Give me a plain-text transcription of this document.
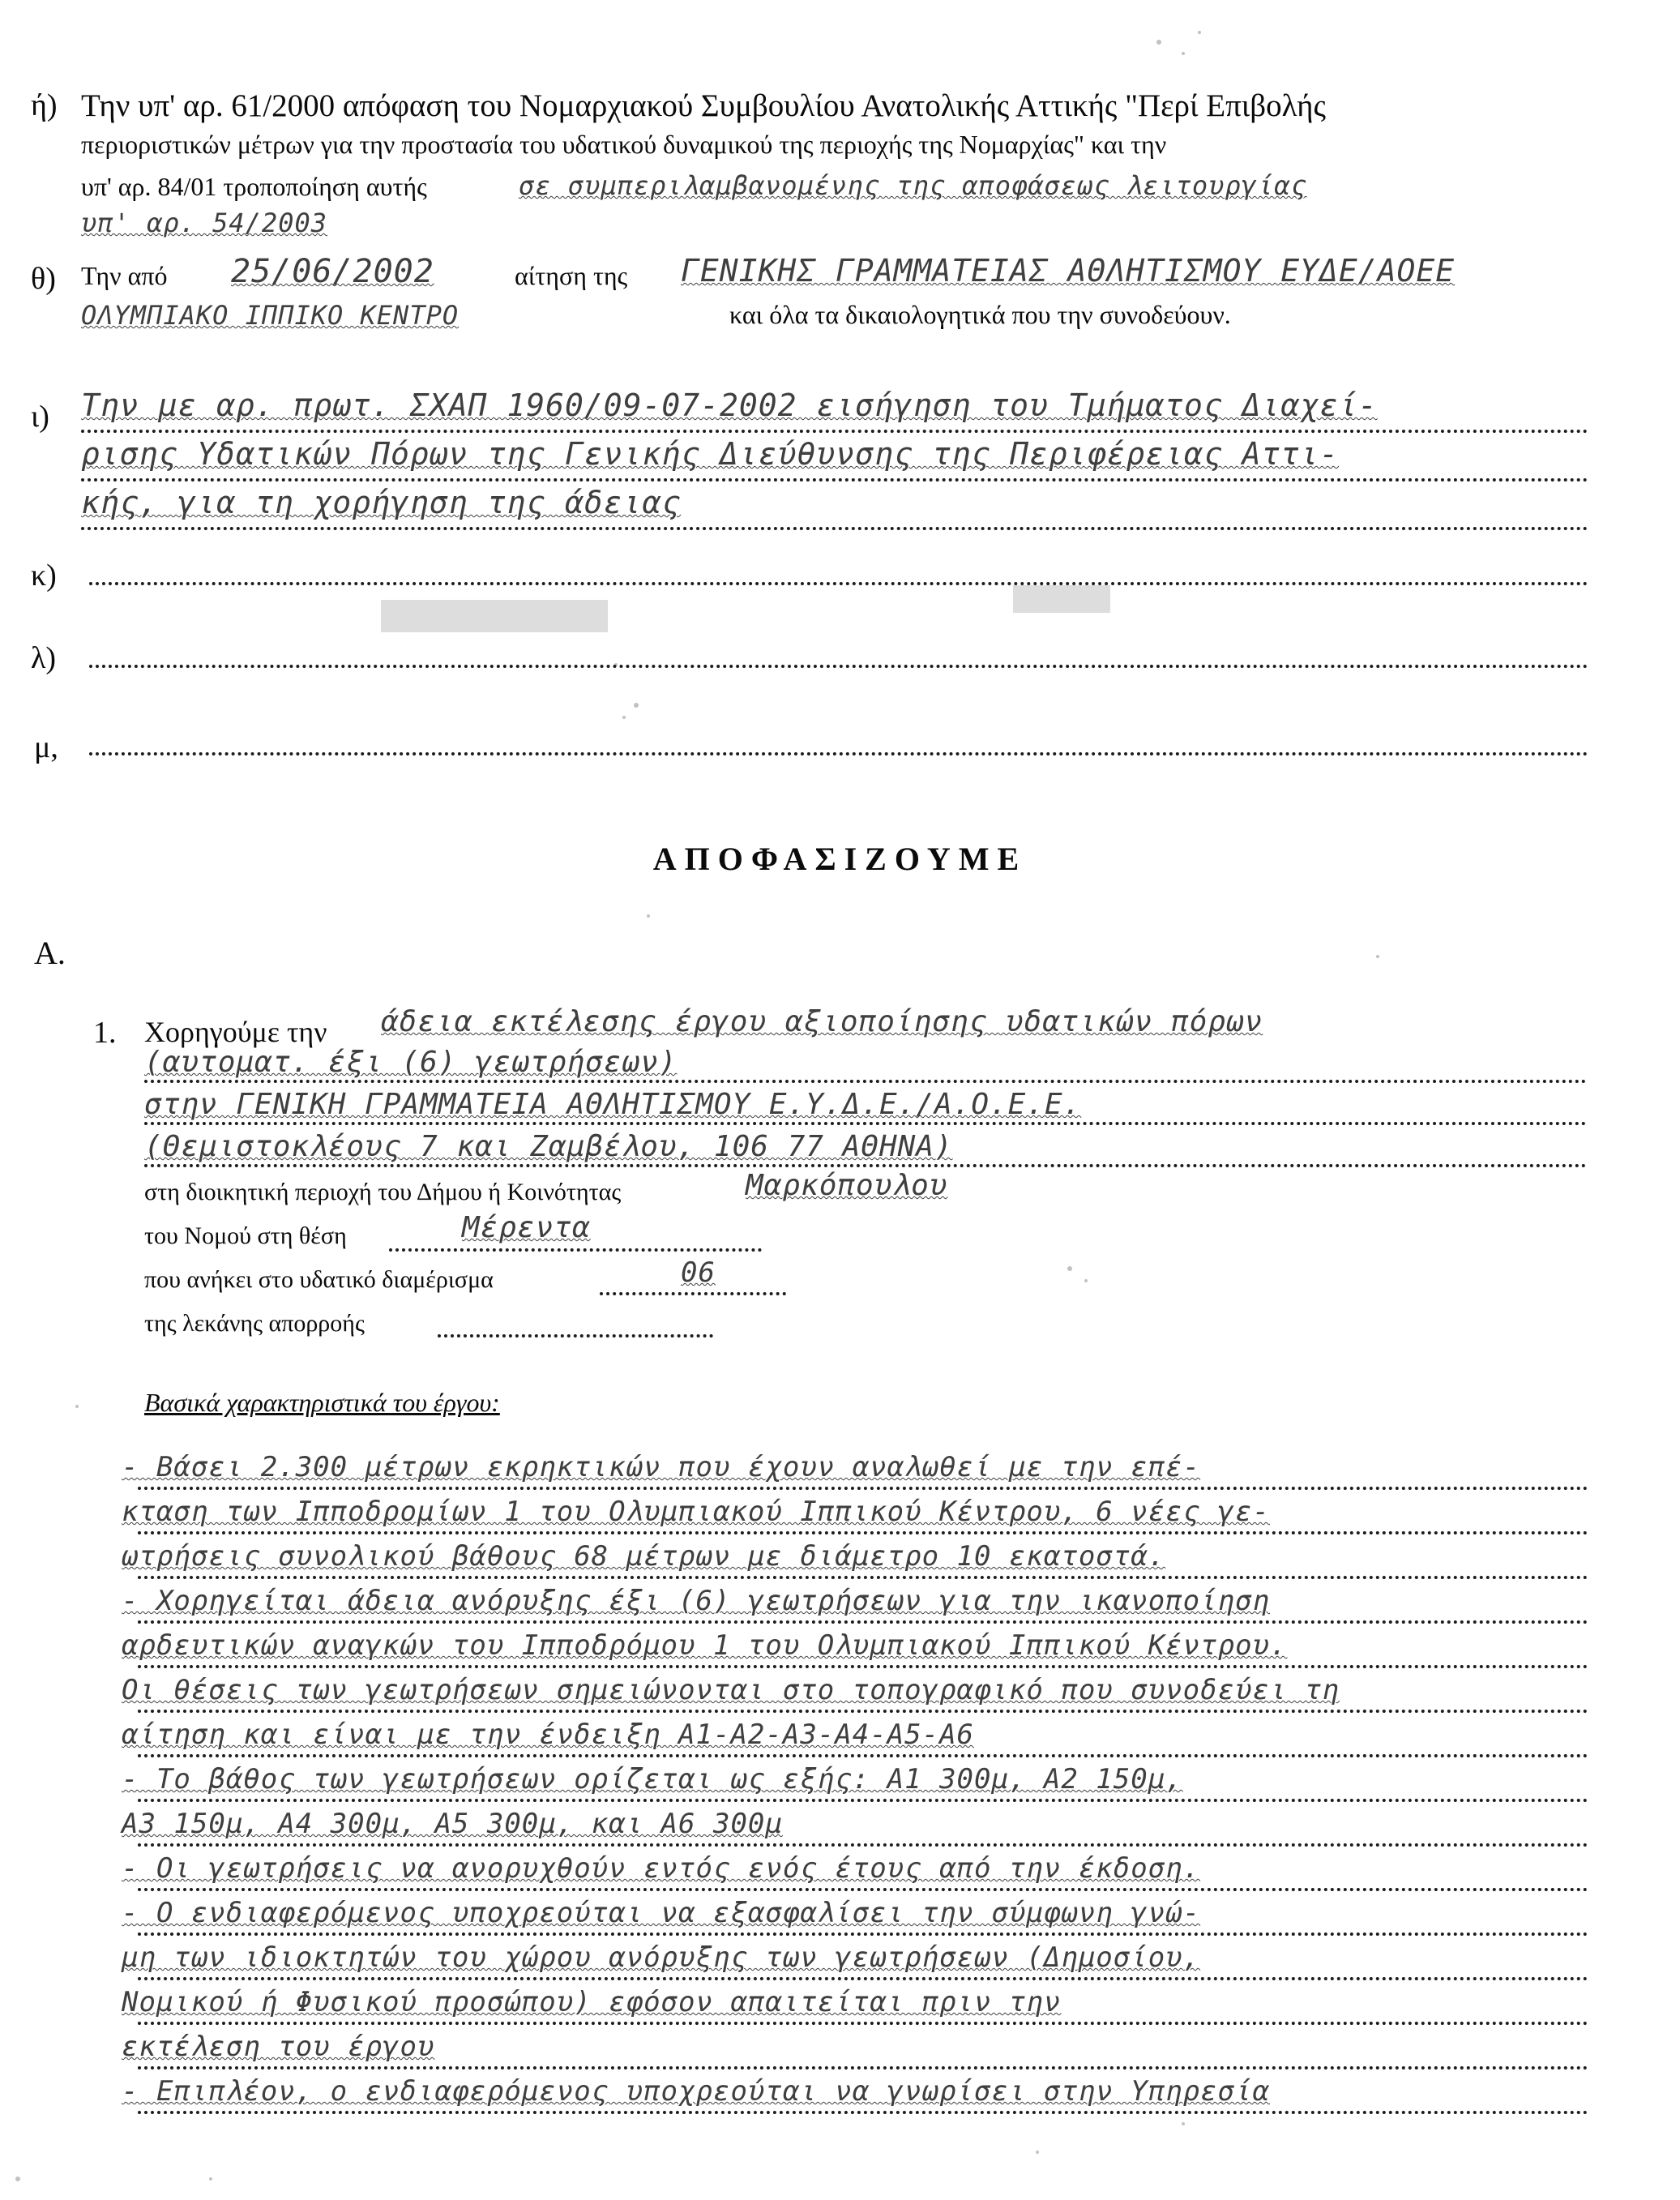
ή) Την υπ' αρ. 61/2000 απόφαση του Νομαρχιακού Συμβουλίου Ανατολικής Αττικής "Περί Επιβολής
περιοριστικών μέτρων για την προστασία του υδατικού δυναμικού της περιοχής της Νομαρχίας" και την
υπ' αρ. 84/01 τροποποίηση αυτής	σε συμπεριλαμβανομένης της αποφάσεως λειτουργίας
υπ' αρ. 54/2003
θ) Την από 25/06/2002	αίτηση της ΓΕΝΙΚΗΣ ΓΡΑΜΜΑΤΕΙΑΣ ΑΘΛΗΤΙΣΜΟΥ ΕΥΔΕ/ΑΟΕΕ
ΟΛΥΜΠΙΑΚΟ ΙΠΠΙΚΟ ΚΕΝΤΡΟ	και όλα τα δικαιολογητικά που την συνοδεύουν.
ι) Την με αρ. πρωτ. ΣΧΑΠ 1960/09-07-2002 εισήγηση του Τμήματος Διαχεί-
ρισης Υδατικών Πόρων της Γενικής Διεύθυνσης της Περιφέρειας Αττι-
κής, για τη χορήγηση της άδειας
κ)
λ)
μ,
ΑΠΟΦΑΣΙΖΟΥΜΕ
Α.
1. Χορηγούμε την άδεια εκτέλεσης έργου αξιοποίησης υδατικών πόρων
(αυτοματ. έξι (6) γεωτρήσεων)
στην ΓΕΝΙΚΗ ΓΡΑΜΜΑΤΕΙΑ ΑΘΛΗΤΙΣΜΟΥ Ε.Υ.Δ.Ε./Α.Ο.Ε.Ε.
(Θεμιστοκλέους 7 και Ζαμβέλου, 106 77 ΑΘΗΝΑ)
στη διοικητική περιοχή του Δήμου ή Κοινότητας	Μαρκόπουλου
του Νομού στη θέση	Μέρεντα
που ανήκει στο υδατικό διαμέρισμα	06
της λεκάνης απορροής
Βασικά χαρακτηριστικά του έργου:
- Βάσει 2.300 μέτρων εκρηκτικών που έχουν αναλωθεί με την επέ-
κταση των Ιπποδρομίων 1 του Ολυμπιακού Ιππικού Κέντρου, 6 νέες γε-
ωτρήσεις συνολικού βάθους 68 μέτρων με διάμετρο 10 εκατοστά.
- Χορηγείται άδεια ανόρυξης έξι (6) γεωτρήσεων για την ικανοποίηση
αρδευτικών αναγκών του Ιπποδρόμου 1 του Ολυμπιακού Ιππικού Κέντρου.
Οι θέσεις των γεωτρήσεων σημειώνονται στο τοπογραφικό που συνοδεύει τη
αίτηση και είναι με την ένδειξη Α1-Α2-Α3-Α4-Α5-Α6
- Το βάθος των γεωτρήσεων ορίζεται ως εξής: Α1 300μ, Α2 150μ,
Α3 150μ, Α4 300μ, Α5 300μ, και Α6 300μ
- Οι γεωτρήσεις να ανορυχθούν εντός ενός έτους από την έκδοση.
- Ο ενδιαφερόμενος υποχρεούται να εξασφαλίσει την σύμφωνη γνώ-
μη των ιδιοκτητών του χώρου ανόρυξης των γεωτρήσεων (Δημοσίου,
Νομικού ή Φυσικού προσώπου) εφόσον απαιτείται πριν την
εκτέλεση του έργου
- Επιπλέον, ο ενδιαφερόμενος υποχρεούται να γνωρίσει στην Υπηρεσία
